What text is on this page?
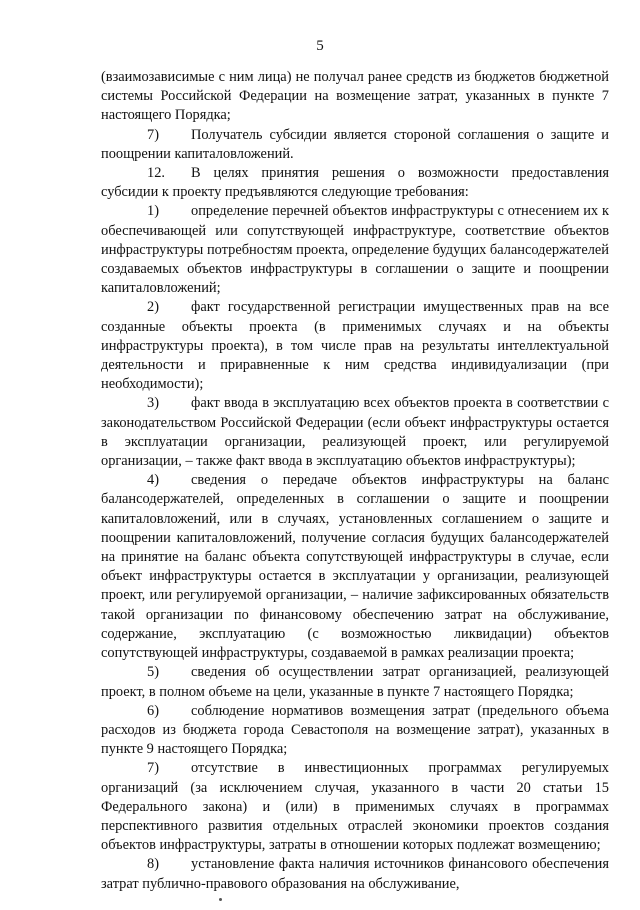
5

(взаимозависимые с ним лица) не получал ранее средств из бюджетов бюджетной системы Российской Федерации на возмещение затрат, указанных в пункте 7 настоящего Порядка;

7) Получатель субсидии является стороной соглашения о защите и поощрении капиталовложений.

12. В целях принятия решения о возможности предоставления субсидии к проекту предъявляются следующие требования:

1) определение перечней объектов инфраструктуры с отнесением их к обеспечивающей или сопутствующей инфраструктуре, соответствие объектов инфраструктуры потребностям проекта, определение будущих балансодержателей создаваемых объектов инфраструктуры в соглашении о защите и поощрении капиталовложений;

2) факт государственной регистрации имущественных прав на все созданные объекты проекта (в применимых случаях и на объекты инфраструктуры проекта), в том числе прав на результаты интеллектуальной деятельности и приравненные к ним средства индивидуализации (при необходимости);

3) факт ввода в эксплуатацию всех объектов проекта в соответствии с законодательством Российской Федерации (если объект инфраструктуры остается в эксплуатации организации, реализующей проект, или регулируемой организации, – также факт ввода в эксплуатацию объектов инфраструктуры);

4) сведения о передаче объектов инфраструктуры на баланс балансодержателей, определенных в соглашении о защите и поощрении капиталовложений, или в случаях, установленных соглашением о защите и поощрении капиталовложений, получение согласия будущих балансодержателей на принятие на баланс объекта сопутствующей инфраструктуры в случае, если объект инфраструктуры остается в эксплуатации у организации, реализующей проект, или регулируемой организации, – наличие зафиксированных обязательств такой организации по финансовому обеспечению затрат на обслуживание, содержание, эксплуатацию (с возможностью ликвидации) объектов сопутствующей инфраструктуры, создаваемой в рамках реализации проекта;

5) сведения об осуществлении затрат организацией, реализующей проект, в полном объеме на цели, указанные в пункте 7 настоящего Порядка;

6) соблюдение нормативов возмещения затрат (предельного объема расходов из бюджета города Севастополя на возмещение затрат), указанных в пункте 9 настоящего Порядка;

7) отсутствие в инвестиционных программах регулируемых организаций (за исключением случая, указанного в части 20 статьи 15 Федерального закона) и (или) в применимых случаях в программах перспективного развития отдельных отраслей экономики проектов создания объектов инфраструктуры, затраты в отношении которых подлежат возмещению;

8) установление факта наличия источников финансового обеспечения затрат публично-правового образования на обслуживание,
